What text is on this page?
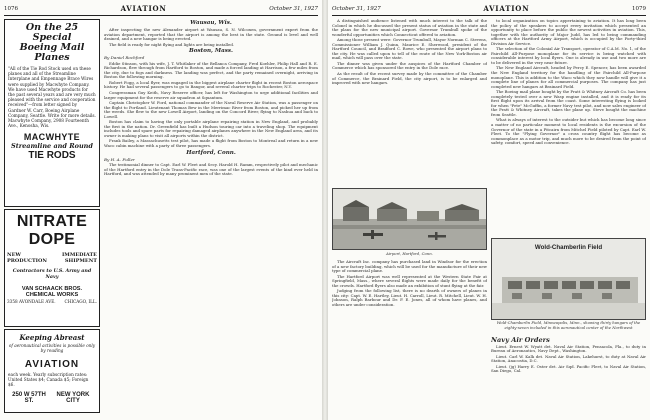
1076	AVIATION	October 31, 1927
On the 25 Special
Boeing Mail Planes
"All of the Tie Rod Stock used on these planes and all of the Streamline Interplane and Empennage Brace Wires were supplied by Macwhyte Company. We have used Macwhyte products for the past several years and are very much pleased with the service and cooperation received"—from letter signed by Gardner W. Carr, Boeing Airplane Company, Seattle. Write for more details. Macwhyte Company, 2908 Fourteenth Ave., Kenosha, Wis.
MACWHYTE
Streamline and Round
TIE RODS
NITRATE DOPE
NEW PRODUCTION
IMMEDIATE SHIPMENT
Contractors to U.S. Army and Navy
VAN SCHAACK BROS. CHEMICAL WORKS
3358 AVONDALE AVE. CHICAGO, ILL.
Keeping Abreast
of aeronautical activities is possible only by reading
AVIATION
each week. Yearly subscription rates: United States $4; Canada $5; Foreign $6.
250 W 57TH ST.
NEW YORK CITY
Wausau, Wis.

After inspecting the new Alexander airport at Wausau, S. N. Wilcoxen, government expert from the aviation department, reported that the airport is among the best in the state. Ground is level and well drained, and a new hangar is being erected.

The field is ready for night flying and lights are being installed.

Boston, Mass.
By Daniel Rochford

Eddie Stinson, with his wife, J. T. Whitlaker of the Bellanca Company, Fred Koehler, Philip Hall and R. E. Richardson, flew through from Hartford to Boston, and made a forced landing at Harrison, a few miles from the city, due to fogs and darkness. The landing was perfect, and the party remained overnight, arriving in Boston the following morning.

Robert Fogg, a local flyer, was engaged in the biggest airplane charter flight in recent Boston aerospace history. He had several passengers to go to Bangor, and several charter trips to Rochester, N.Y.

Congressman Guy Keith, Navy Reserve officer, has left for Washington to urge additional facilities and larger equipment for the reserve air squadron at Squantum.

Captain Christopher W. Ford, national commander of the Naval Reserve Air Station, was a passenger on the flight to Portland. Lieutenant Thomas Bew in the Merrimac River from Boston, and picked her up from the weeds. She flew to the new Lowell Airport, landing on the Concord River, flying to Nashua and back to Lowell.

Boston has claim to having the only portable airplane repairing station in New England, and probably the first in the nation. Dr. Greenfield has built a Hudson touring car into a traveling shop. The equipment includes tools and spare parts for repairing damaged airplanes anywhere in the New England area, and its owner is making plans to visit all airports within the district.

Frank Bailey, a Massachusetts test pilot, has made a flight from Boston to Montreal and return in a new Waco cabin machine with a party of three passengers.

Hartford, Conn.
By H. A. Fuller

The testimonial dinner to Capt. Earl W. Fleet and Secy. Harold H. Ramm, respectively pilot and mechanic of the Hartford entry in the Dole Trans-Pacific race, was one of the largest events of the kind ever held in Hartford, and was attended by many prominent men of the state.

October 31, 1927	AVIATION	1079

A distinguished audience listened with much interest to the talk of the Colonel in which he discussed the present status of aviation in the state and the plans for the new municipal airport. Governor Trumbull spoke of the wonderful opportunities which Connecticut offered to aviation.

Among those present were: Governor Trumbull, Mayor Norman C. Stevens, Commissioner William J. Quinn, Maurice E. Sherwood, president of the Hartford Council, and Bradford C. Rowe, who presented the airport plans to the city. He was called upon to tell of the route of the New York-Boston air mail, which will pass over the state.

The dinner was given under the auspices of the Hartford Chamber of Commerce which has sponsored the entry in the Dole race.

As the result of the recent survey made by the committee of the Chamber of Commerce, the Brainard Field, the city airport, is to be enlarged and improved with new hangars.

Airport, Hartford, Conn.

The Aircraft Inc. company has purchased land in Windsor for the erection of a new factory building, which will be used for the manufacture of their new type of commercial plane.

The Hartford Airport was well represented at the Western State Fair at Springfield, Mass., where several flights were made daily for the benefit of the crowds. Hartford flyers also made an exhibition of stunt flying at the fair.

Judging from the following list, there is no dearth of owners of planes in this city: Capt. W. E. Hartley, Lieut. H. Carroll, Lieut. R. Mitchell, Lieut. W. H. Johnson, Ralph Barbour and Dr. F. E. Jones, all of whom have planes, and others are under consideration.

to local organization on topics appertaining to aviation. It has long been the policy of the speakers to accept every invitation which presented an opportunity to place before the public the newest activities in aviation. This, together with the authority of Major Judd, has led to being commanding officers at the Hartford Army Airport, which is occupied by the Forty-third Division Air Service.

The selection of the Colonial Air Transport, operator of C.A.M. No. 1, of the Fairchild All-Purpose monoplane for its service is being watched with considerable interest by local flyers. One is already in use and two more are to be delivered in the very near future.

The New England Aircraft, headed by Percy E. Spencer, has been awarded the New England territory for the handling of the Fairchild All-Purpose monoplane. This is addition to the Waco which they now handle will give it a complete line of planes for all commercial purposes. The company has just completed new hangars at Brainard Field.

The Boeing mail plane bought by the Pratt & Whitney Aircraft Co. has been completely tested over a new Wasp engine installed, and it is ready for its first flight upon its arrival from the coast. Some interesting flying is looked for when "Pete" McGuffin, a former Navy test pilot, and now sales engineer of the Pratt & Whitney Aircraft, takes the plane up. Steve bought the machine from Seattle.

What is always of interest to the outsider but which has become long since a matter of no particular moment to local residents is the excursion of the Governor of the state in a Pitcairn from Mitchel Field piloted by Capt. Earl W. Fleet. To the "Flying Governor" a cross country flight has become as commonplace as a motor trip, and much more to be desired from the point of safety, comfort, speed and convenience.

Wold-Chamberlin Field
Wold-Chamberlin Field, Minneapolis, Minn., showing thirty hangars of the eighty-seven included in this aeronautical center of the Northwest
Navy Air Orders

Lieut. Ernest W. Wyatt det. Naval Air Station, Pensacola, Fla., to duty in Bureau of Aeronautics, Navy Dept., Washington.

Lieut. Carl W. Kalk det. Naval Air Station, Lakehurst, to duty at Naval Air Station, Anacostia, D.C.

Lieut. (jg) Harry E. Oster det. Air Sqd. Pacific Fleet, to Naval Air Station, San Diego, Cal.
